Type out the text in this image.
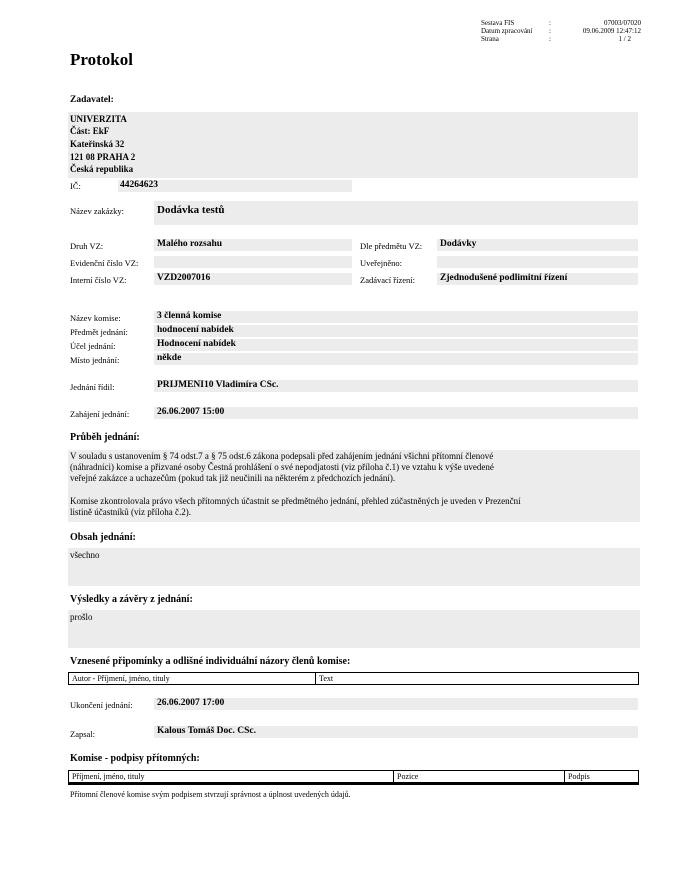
Sestava FIS	:	07003/07020
Datum zpracování	:	09.06.2009 12:47:12
Strana	:	1 / 2
Protokol
Zadavatel:
UNIVERZITA
Část: EkF
Kateřinská 32
121 08 PRAHA 2
Česká republika
IČ:	44264623
Název zakázky:	Dodávka testů
Druh VZ:	Malého rozsahu	Dle předmětu VZ: Dodávky
Evidenční číslo VZ:	Uveřejněno:
Interní číslo VZ:	VZD2007016	Zadávací řízení:	Zjednodušené podlimitní řízení
Název komise:	3 členná komise
Předmět jednání:	hodnocení nabídek
Účel jednání:	Hodnocení nabídek
Místo jednání:	někde
Jednání řídil:	PRIJMENI10 Vladimíra CSc.
Zahájení jednání:	26.06.2007 15:00
Průběh jednání:
V souladu s ustanovením § 74 odst.7 a § 75 odst.6 zákona podepsali před zahájením jednání všichni přítomní členové
(náhradníci) komise a přizvané osoby Čestná prohlášení o své nepodjatosti (viz příloha č.1) ve vztahu k výše uvedené
veřejné zakázce a uchazečům (pokud tak již neučinili na některém z předchozích jednání).
Komise zkontrolovala právo všech přítomných účastnit se předmětného jednání, přehled zúčastněných je uveden v Prezenční
listině účastníků (viz příloha č.2).
Obsah jednání:
všechno
Výsledky a závěry z jednání:
prošlo
Vznesené připomínky a odlišné individuální názory členů komise:
Autor - Příjmení, jméno, tituly	Text
Ukončení jednání:	26.06.2007 17:00
Zapsal:	Kalous Tomáš Doc. CSc.
Komise - podpisy přítomných:
Příjmení, jméno, tituly	Pozice	Podpis
Přítomní členové komise svým podpisem stvrzují správnost a úplnost uvedených údajů.
